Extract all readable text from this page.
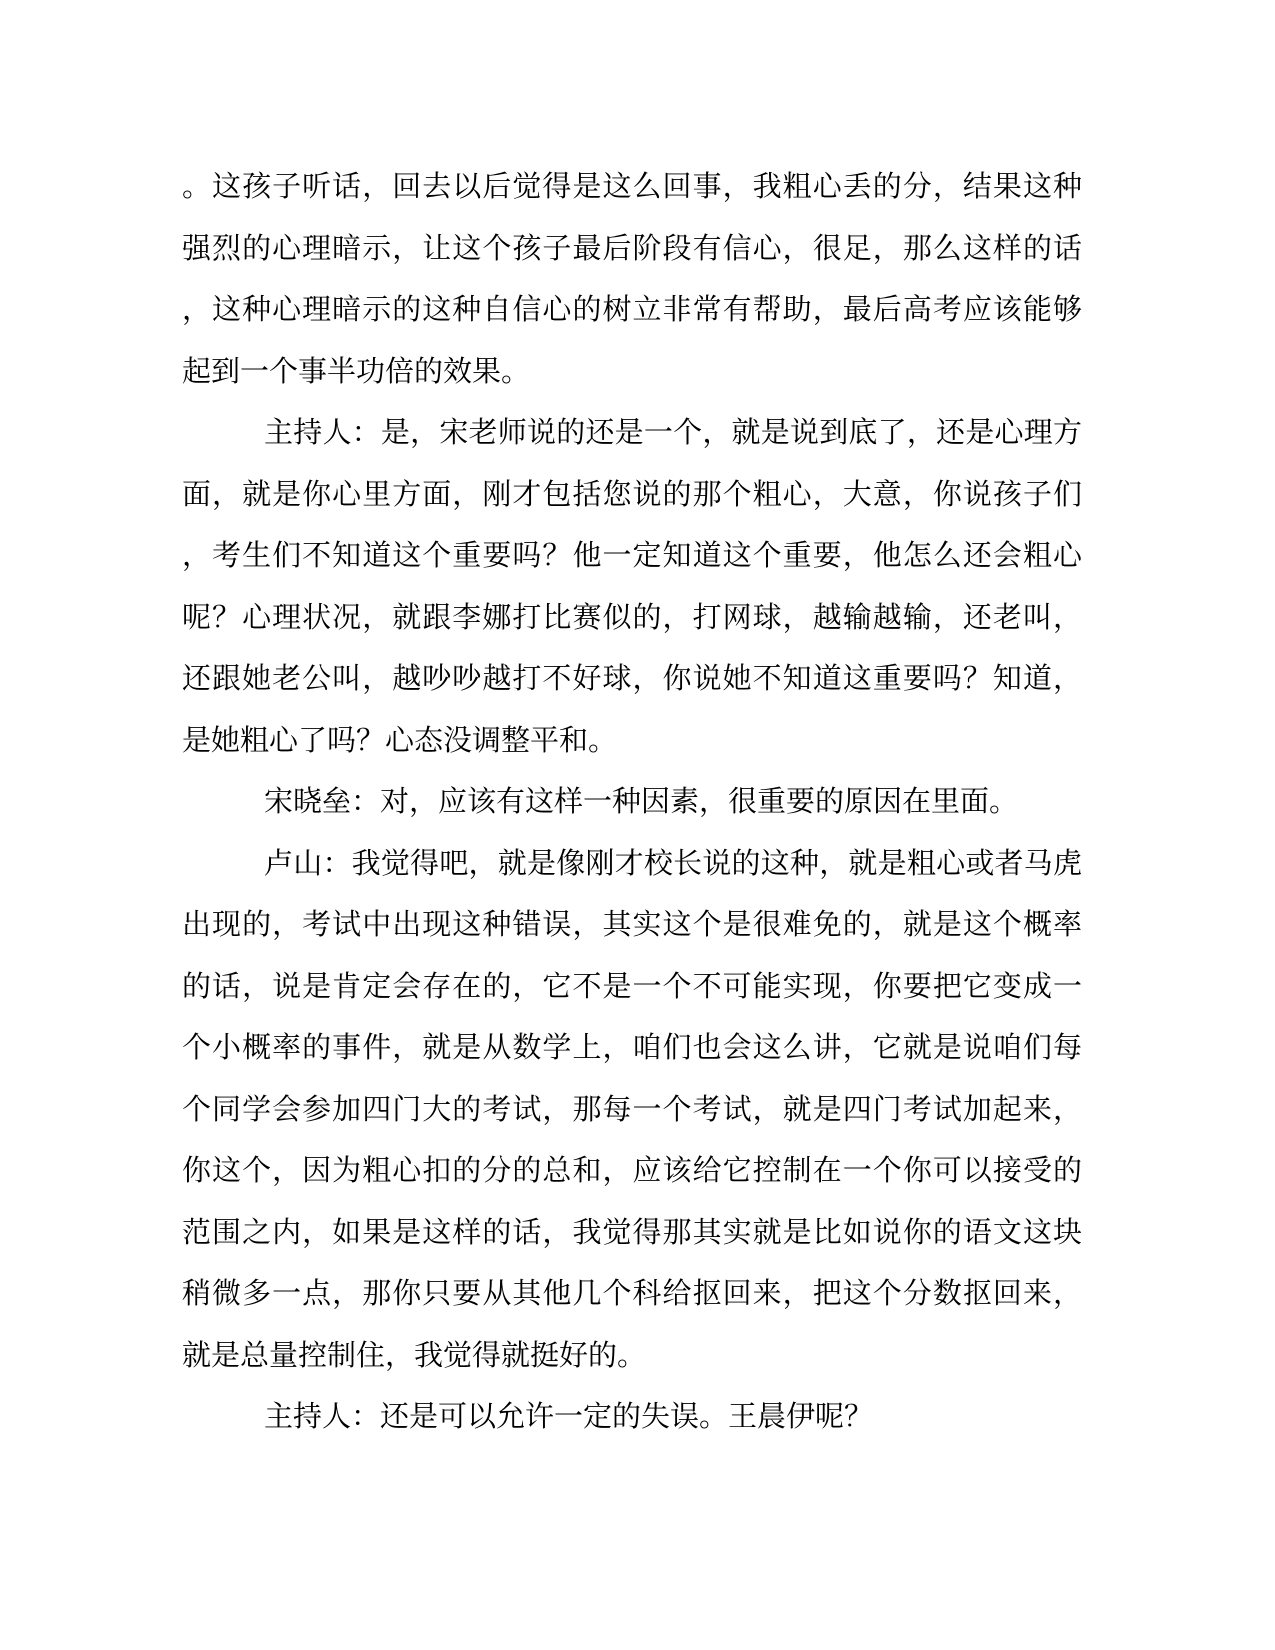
。这孩子听话，回去以后觉得是这么回事，我粗心丢的分，结果这种
强烈的心理暗示，让这个孩子最后阶段有信心，很足，那么这样的话
，这种心理暗示的这种自信心的树立非常有帮助，最后高考应该能够
起到一个事半功倍的效果。
主持人：是，宋老师说的还是一个，就是说到底了，还是心理方
面，就是你心里方面，刚才包括您说的那个粗心，大意，你说孩子们
，考生们不知道这个重要吗？他一定知道这个重要，他怎么还会粗心
呢？心理状况，就跟李娜打比赛似的，打网球，越输越输，还老叫，
还跟她老公叫，越吵吵越打不好球，你说她不知道这重要吗？知道，
是她粗心了吗？心态没调整平和。
宋晓垒：对，应该有这样一种因素，很重要的原因在里面。
卢山：我觉得吧，就是像刚才校长说的这种，就是粗心或者马虎
出现的，考试中出现这种错误，其实这个是很难免的，就是这个概率
的话，说是肯定会存在的，它不是一个不可能实现，你要把它变成一
个小概率的事件，就是从数学上，咱们也会这么讲，它就是说咱们每
个同学会参加四门大的考试，那每一个考试，就是四门考试加起来，
你这个，因为粗心扣的分的总和，应该给它控制在一个你可以接受的
范围之内，如果是这样的话，我觉得那其实就是比如说你的语文这块
稍微多一点，那你只要从其他几个科给抠回来，把这个分数抠回来，
就是总量控制住，我觉得就挺好的。
主持人：还是可以允许一定的失误。王晨伊呢？
